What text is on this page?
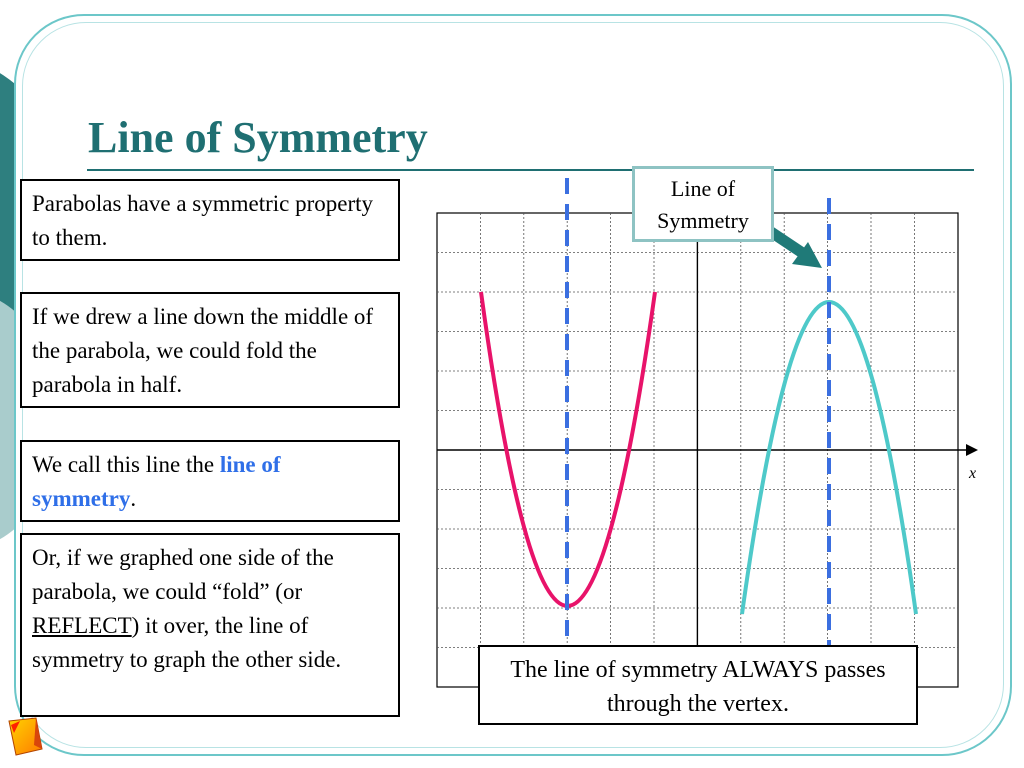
Line of Symmetry
Parabolas have a symmetric property to them.
If we drew a line down the middle of the parabola, we could fold the parabola in half.
We call this line the line of symmetry.
Or, if we graphed one side of the parabola, we could “fold” (or REFLECT) it over, the line of symmetry to graph the other side.
x
Line of Symmetry
The line of symmetry ALWAYS passes through the vertex.
